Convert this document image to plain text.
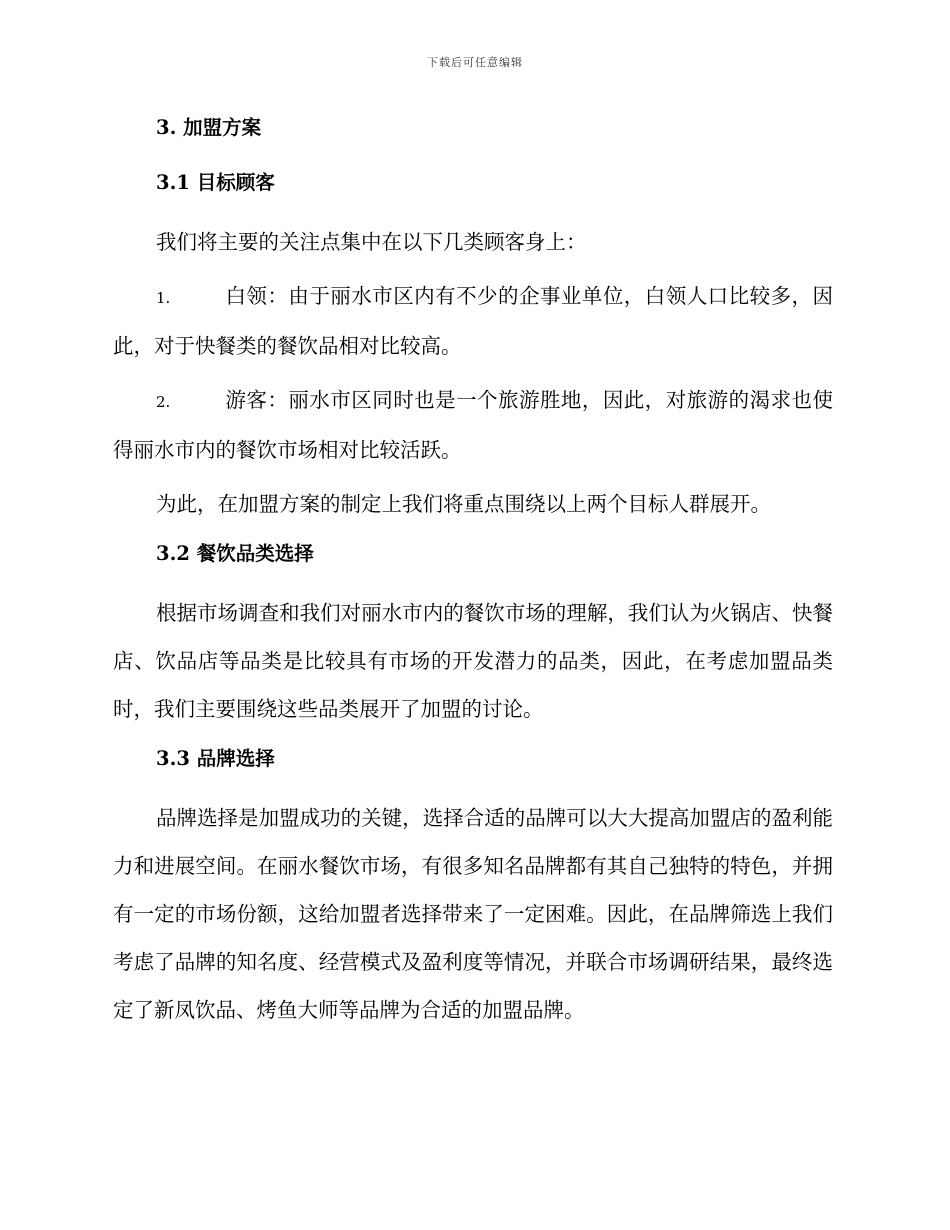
下载后可任意编辑
3. 加盟方案
3.1 目标顾客

我们将主要的关注点集中在以下几类顾客身上：

1.	白领：由于丽水市区内有不少的企事业单位，白领人口比较多，因此，对于快餐类的餐饮品相对比较高。

2.	游客：丽水市区同时也是一个旅游胜地，因此，对旅游的渴求也使得丽水市内的餐饮市场相对比较活跃。

为此，在加盟方案的制定上我们将重点围绕以上两个目标人群展开。

3.2 餐饮品类选择

根据市场调查和我们对丽水市内的餐饮市场的理解，我们认为火锅店、快餐店、饮品店等品类是比较具有市场的开发潜力的品类，因此，在考虑加盟品类时，我们主要围绕这些品类展开了加盟的讨论。

3.3 品牌选择

品牌选择是加盟成功的关键，选择合适的品牌可以大大提高加盟店的盈利能力和进展空间。在丽水餐饮市场，有很多知名品牌都有其自己独特的特色，并拥有一定的市场份额，这给加盟者选择带来了一定困难。因此，在品牌筛选上我们考虑了品牌的知名度、经营模式及盈利度等情况，并联合市场调研结果，最终选定了新凤饮品、烤鱼大师等品牌为合适的加盟品牌。
